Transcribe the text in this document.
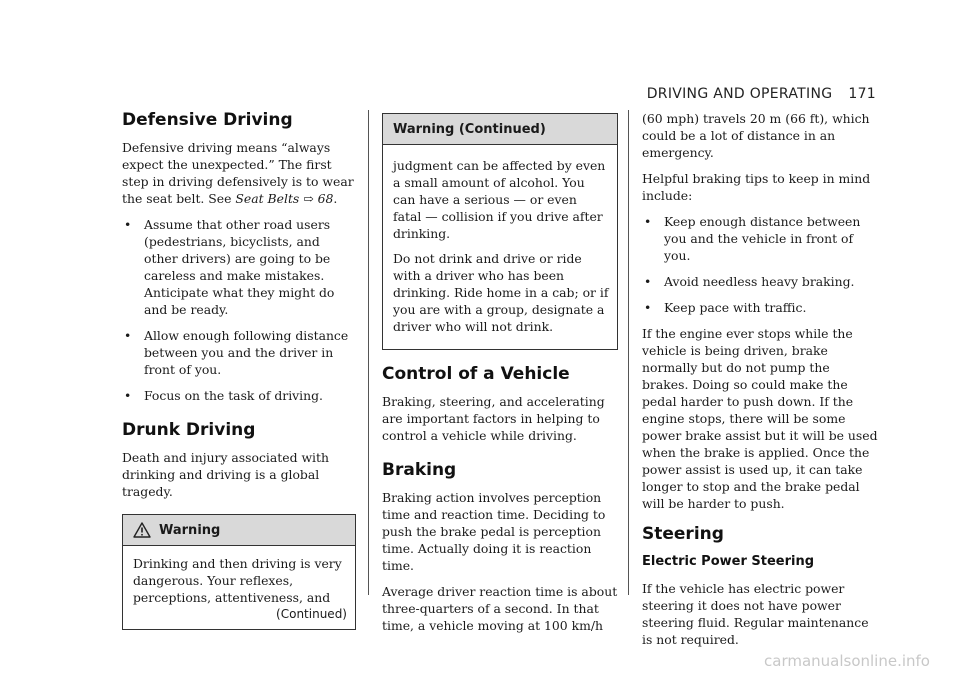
DRIVING AND OPERATING 171
Defensive Driving

Defensive driving means “always expect the unexpected.” The first step in driving defensively is to wear the seat belt. See Seat Belts ⇨ 68.

• Assume that other road users (pedestrians, bicyclists, and other drivers) are going to be careless and make mistakes. Anticipate what they might do and be ready.
• Allow enough following distance between you and the driver in front of you.
• Focus on the task of driving.
Drunk Driving

Death and injury associated with drinking and driving is a global tragedy.

Warning

Drinking and then driving is very dangerous. Your reflexes, perceptions, attentiveness, and

(Continued)
Warning (Continued)

judgment can be affected by even a small amount of alcohol. You can have a serious — or even fatal — collision if you drive after drinking.

Do not drink and drive or ride with a driver who has been drinking. Ride home in a cab; or if you are with a group, designate a driver who will not drink.

Control of a Vehicle

Braking, steering, and accelerating are important factors in helping to control a vehicle while driving.

Braking

Braking action involves perception time and reaction time. Deciding to push the brake pedal is perception time. Actually doing it is reaction time.

Average driver reaction time is about three-quarters of a second. In that time, a vehicle moving at 100 km/h

(60 mph) travels 20 m (66 ft), which could be a lot of distance in an emergency.

Helpful braking tips to keep in mind include:

• Keep enough distance between you and the vehicle in front of you.
• Avoid needless heavy braking.
• Keep pace with traffic.

If the engine ever stops while the vehicle is being driven, brake normally but do not pump the brakes. Doing so could make the pedal harder to push down. If the engine stops, there will be some power brake assist but it will be used when the brake is applied. Once the power assist is used up, it can take longer to stop and the brake pedal will be harder to push.

Steering
Electric Power Steering

If the vehicle has electric power steering it does not have power steering fluid. Regular maintenance is not required.

carmanualsonline.info
